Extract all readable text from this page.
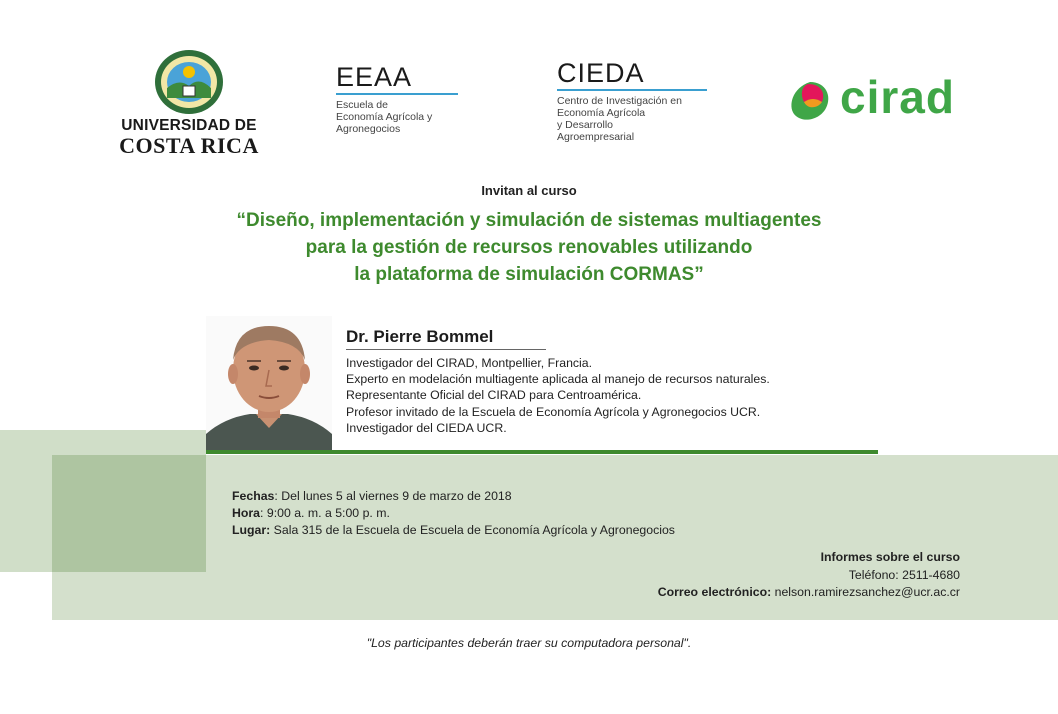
UNIVERSIDAD DE
COSTA RICA
EEAA
Escuela de
Economía Agrícola y
Agronegocios
CIEDA
Centro de Investigación en
Economía Agrícola
y Desarrollo
Agroempresarial
cirad
Invitan al curso
“Diseño, implementación y simulación de sistemas multiagentes
para la gestión de recursos renovables utilizando
la plataforma de simulación CORMAS”
Dr. Pierre Bommel
Investigador del CIRAD, Montpellier, Francia.
Experto en modelación multiagente aplicada al manejo de recursos naturales.
Representante Oficial del CIRAD para Centroamérica.
Profesor invitado de la Escuela de Economía Agrícola y Agronegocios UCR.
Investigador del CIEDA UCR.
Fechas: Del lunes 5 al viernes 9 de marzo de 2018
Hora: 9:00 a. m. a 5:00 p. m.
Lugar: Sala 315 de la Escuela de Escuela de Economía Agrícola y Agronegocios
Informes sobre el curso
Teléfono: 2511-4680
Correo electrónico: nelson.ramirezsanchez@ucr.ac.cr
"Los participantes deberán traer su computadora personal".
